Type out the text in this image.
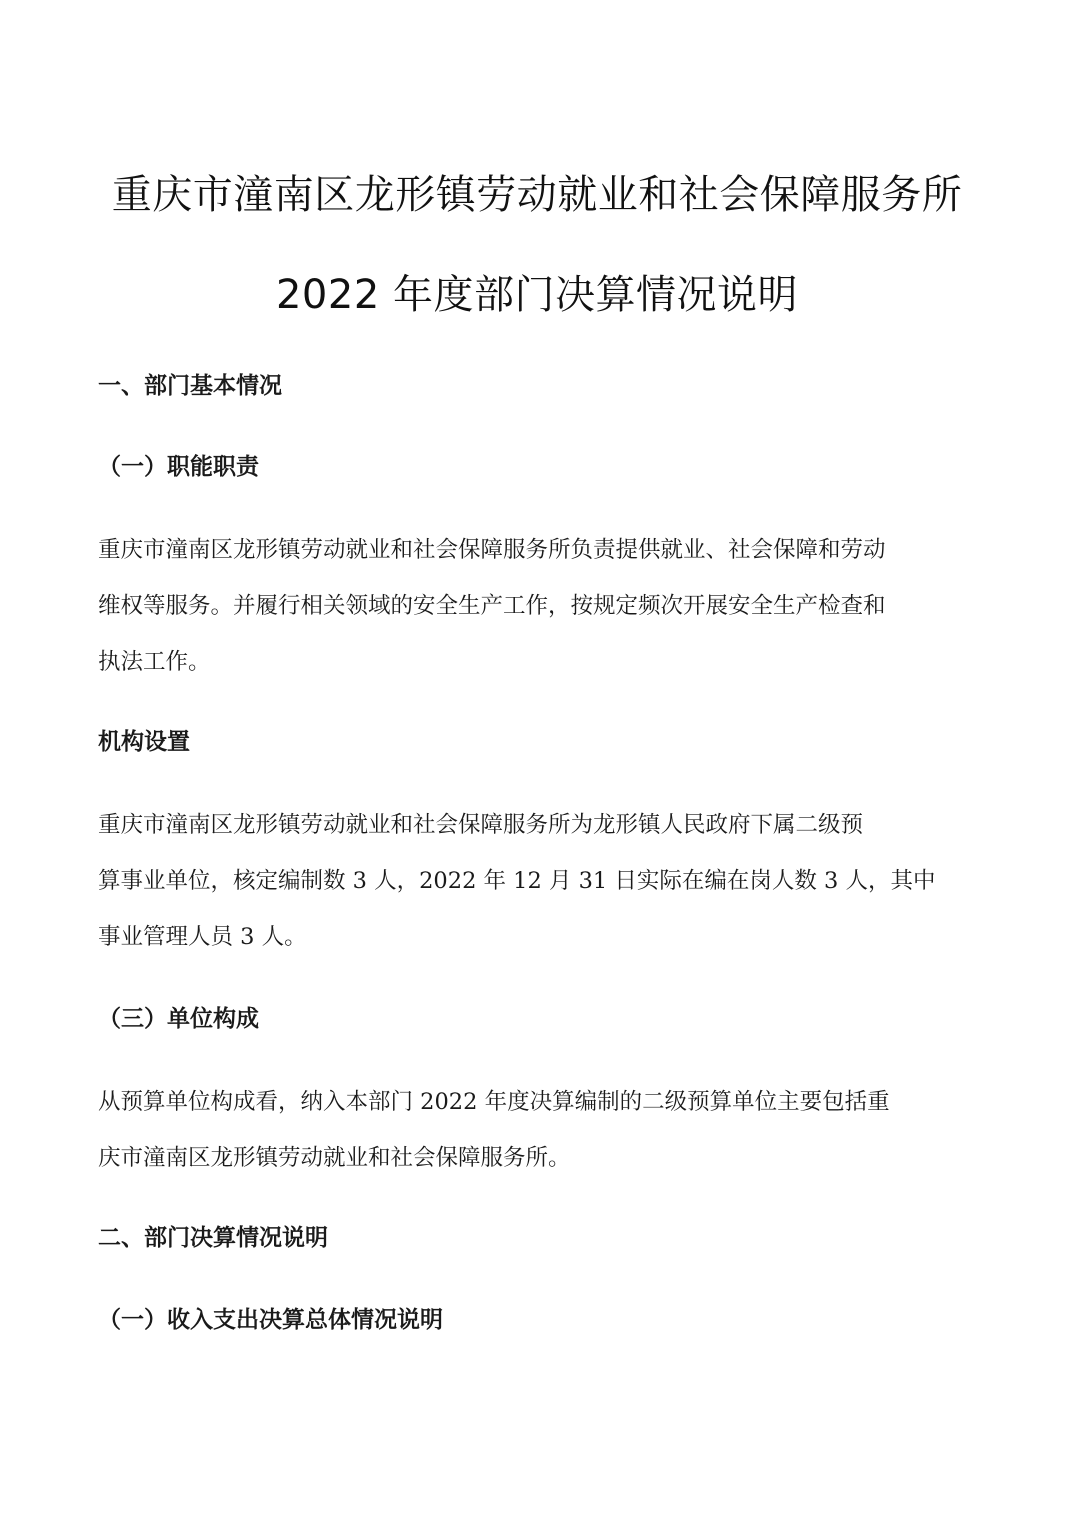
重庆市潼南区龙形镇劳动就业和社会保障服务所
2022 年度部门决算情况说明
一、部门基本情况
（一）职能职责
重庆市潼南区龙形镇劳动就业和社会保障服务所负责提供就业、社会保障和劳动
维权等服务。并履行相关领域的安全生产工作，按规定频次开展安全生产检查和
执法工作。
机构设置
重庆市潼南区龙形镇劳动就业和社会保障服务所为龙形镇人民政府下属二级预
算事业单位，核定编制数 3 人，2022 年 12 月 31 日实际在编在岗人数 3 人，其中
事业管理人员 3 人。
（三）单位构成
从预算单位构成看，纳入本部门 2022 年度决算编制的二级预算单位主要包括重
庆市潼南区龙形镇劳动就业和社会保障服务所。
二、部门决算情况说明
（一）收入支出决算总体情况说明
